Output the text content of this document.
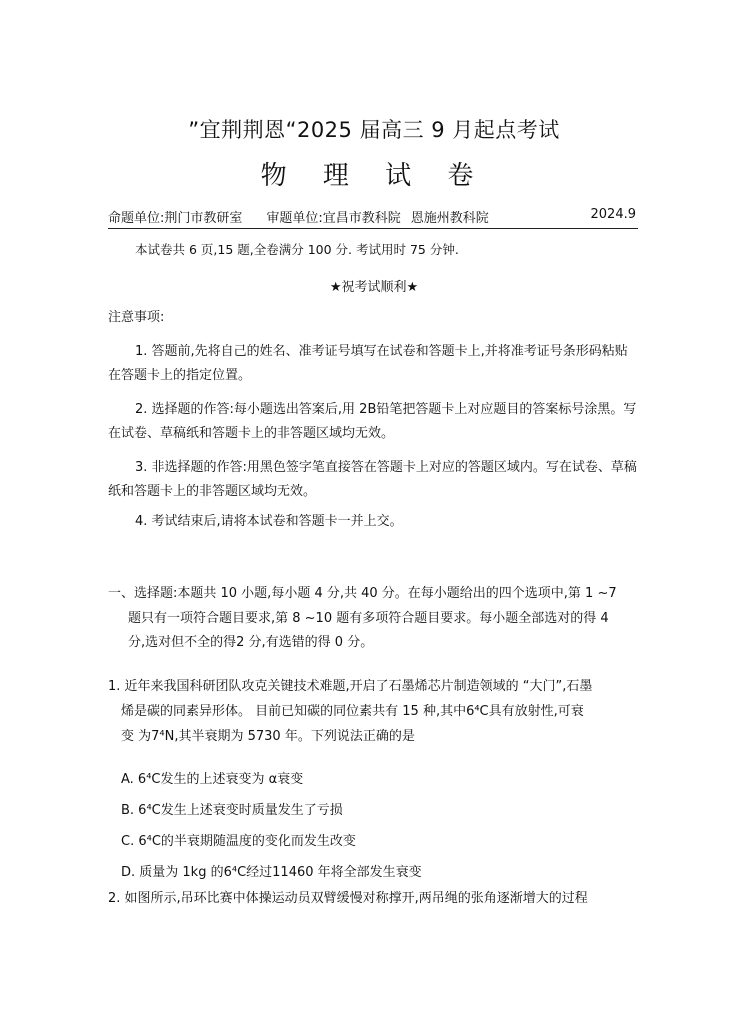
”宜荆荆恩“2025 届高三 9 月起点考试
物 理 试 卷
命题单位:荆门市教研室 审题单位:宜昌市教科院 恩施州教科院	2024.9
本试卷共 6 页,15 题,全卷满分 100 分. 考试用时 75 分钟.
★祝考试顺利★
注意事项:
1. 答题前,先将自己的姓名、准考证号填写在试卷和答题卡上,并将准考证号条形码粘贴在答题卡上的指定位置。
2. 选择题的作答:每小题选出答案后,用 2B铅笔把答题卡上对应题目的答案标号涂黑。写在试卷、草稿纸和答题卡上的非答题区域均无效。
3. 非选择题的作答:用黑色签字笔直接答在答题卡上对应的答题区域内。写在试卷、草稿纸和答题卡上的非答题区域均无效。
4. 考试结束后,请将本试卷和答题卡一并上交。
一、选择题:本题共 10 小题,每小题 4 分,共 40 分。在每小题给出的四个选项中,第 1 ~7
题只有一项符合题目要求,第 8 ~10 题有多项符合题目要求。每小题全部选对的得 4
分,选对但不全的得2 分,有选错的得 0 分。
1. 近年来我国科研团队攻克关键技术难题,开启了石墨烯芯片制造领域的 “大门”,石墨
烯是碳的同素异形体。 目前已知碳的同位素共有 15 种,其中6⁴C具有放射性,可衰
变 为7⁴N,其半衰期为 5730 年。下列说法正确的是
A. 6⁴C发生的上述衰变为 α衰变
B. 6⁴C发生上述衰变时质量发生了亏损
C. 6⁴C的半衰期随温度的变化而发生改变
D. 质量为 1kg 的6⁴C经过11460 年将全部发生衰变
2. 如图所示,吊环比赛中体操运动员双臂缓慢对称撑开,两吊绳的张角逐渐增大的过程
